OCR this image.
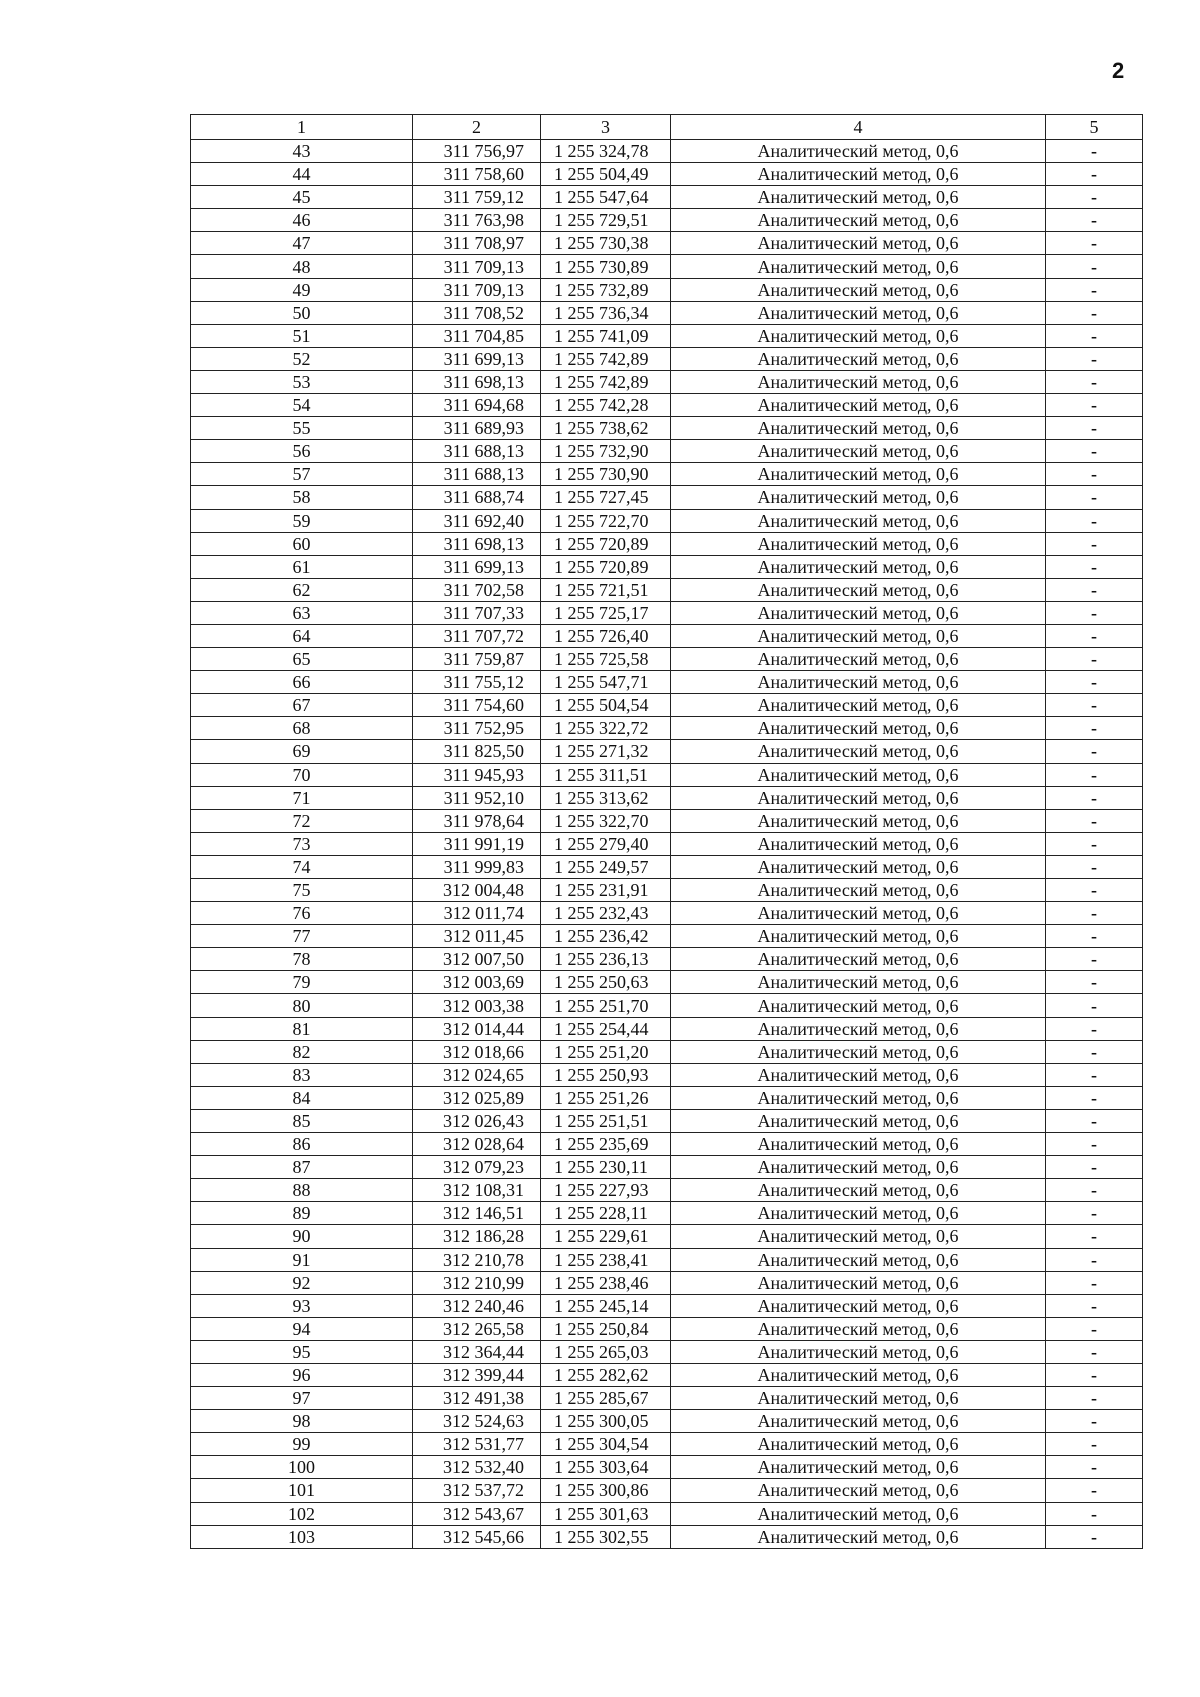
2
1	2	3	4	5
43	311 756,97	1 255 324,78	Аналитический метод, 0,6	-
44	311 758,60	1 255 504,49	Аналитический метод, 0,6	-
45	311 759,12	1 255 547,64	Аналитический метод, 0,6	-
46	311 763,98	1 255 729,51	Аналитический метод, 0,6	-
47	311 708,97	1 255 730,38	Аналитический метод, 0,6	-
48	311 709,13	1 255 730,89	Аналитический метод, 0,6	-
49	311 709,13	1 255 732,89	Аналитический метод, 0,6	-
50	311 708,52	1 255 736,34	Аналитический метод, 0,6	-
51	311 704,85	1 255 741,09	Аналитический метод, 0,6	-
52	311 699,13	1 255 742,89	Аналитический метод, 0,6	-
53	311 698,13	1 255 742,89	Аналитический метод, 0,6	-
54	311 694,68	1 255 742,28	Аналитический метод, 0,6	-
55	311 689,93	1 255 738,62	Аналитический метод, 0,6	-
56	311 688,13	1 255 732,90	Аналитический метод, 0,6	-
57	311 688,13	1 255 730,90	Аналитический метод, 0,6	-
58	311 688,74	1 255 727,45	Аналитический метод, 0,6	-
59	311 692,40	1 255 722,70	Аналитический метод, 0,6	-
60	311 698,13	1 255 720,89	Аналитический метод, 0,6	-
61	311 699,13	1 255 720,89	Аналитический метод, 0,6	-
62	311 702,58	1 255 721,51	Аналитический метод, 0,6	-
63	311 707,33	1 255 725,17	Аналитический метод, 0,6	-
64	311 707,72	1 255 726,40	Аналитический метод, 0,6	-
65	311 759,87	1 255 725,58	Аналитический метод, 0,6	-
66	311 755,12	1 255 547,71	Аналитический метод, 0,6	-
67	311 754,60	1 255 504,54	Аналитический метод, 0,6	-
68	311 752,95	1 255 322,72	Аналитический метод, 0,6	-
69	311 825,50	1 255 271,32	Аналитический метод, 0,6	-
70	311 945,93	1 255 311,51	Аналитический метод, 0,6	-
71	311 952,10	1 255 313,62	Аналитический метод, 0,6	-
72	311 978,64	1 255 322,70	Аналитический метод, 0,6	-
73	311 991,19	1 255 279,40	Аналитический метод, 0,6	-
74	311 999,83	1 255 249,57	Аналитический метод, 0,6	-
75	312 004,48	1 255 231,91	Аналитический метод, 0,6	-
76	312 011,74	1 255 232,43	Аналитический метод, 0,6	-
77	312 011,45	1 255 236,42	Аналитический метод, 0,6	-
78	312 007,50	1 255 236,13	Аналитический метод, 0,6	-
79	312 003,69	1 255 250,63	Аналитический метод, 0,6	-
80	312 003,38	1 255 251,70	Аналитический метод, 0,6	-
81	312 014,44	1 255 254,44	Аналитический метод, 0,6	-
82	312 018,66	1 255 251,20	Аналитический метод, 0,6	-
83	312 024,65	1 255 250,93	Аналитический метод, 0,6	-
84	312 025,89	1 255 251,26	Аналитический метод, 0,6	-
85	312 026,43	1 255 251,51	Аналитический метод, 0,6	-
86	312 028,64	1 255 235,69	Аналитический метод, 0,6	-
87	312 079,23	1 255 230,11	Аналитический метод, 0,6	-
88	312 108,31	1 255 227,93	Аналитический метод, 0,6	-
89	312 146,51	1 255 228,11	Аналитический метод, 0,6	-
90	312 186,28	1 255 229,61	Аналитический метод, 0,6	-
91	312 210,78	1 255 238,41	Аналитический метод, 0,6	-
92	312 210,99	1 255 238,46	Аналитический метод, 0,6	-
93	312 240,46	1 255 245,14	Аналитический метод, 0,6	-
94	312 265,58	1 255 250,84	Аналитический метод, 0,6	-
95	312 364,44	1 255 265,03	Аналитический метод, 0,6	-
96	312 399,44	1 255 282,62	Аналитический метод, 0,6	-
97	312 491,38	1 255 285,67	Аналитический метод, 0,6	-
98	312 524,63	1 255 300,05	Аналитический метод, 0,6	-
99	312 531,77	1 255 304,54	Аналитический метод, 0,6	-
100	312 532,40	1 255 303,64	Аналитический метод, 0,6	-
101	312 537,72	1 255 300,86	Аналитический метод, 0,6	-
102	312 543,67	1 255 301,63	Аналитический метод, 0,6	-
103	312 545,66	1 255 302,55	Аналитический метод, 0,6	-
